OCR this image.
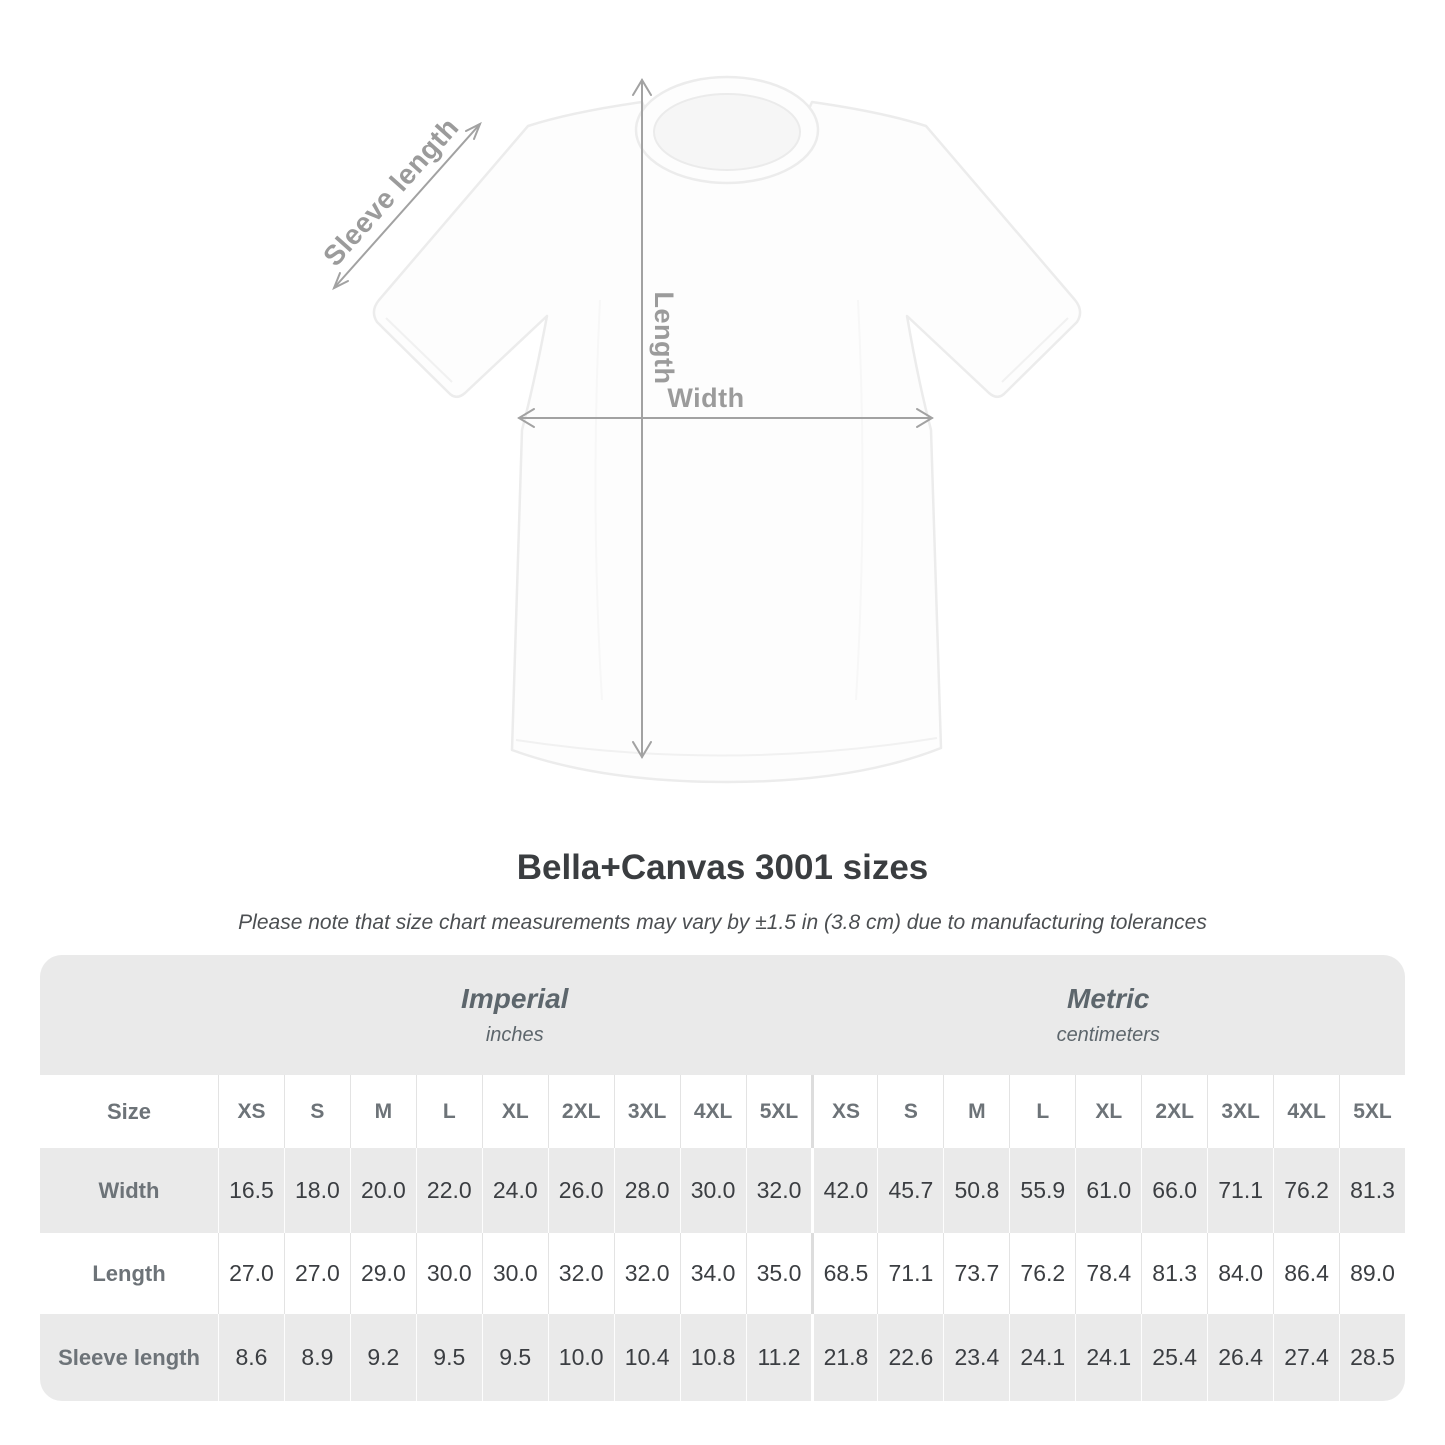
Sleeve length
Length
Width
Bella+Canvas 3001 sizes
Please note that size chart measurements may vary by ±1.5 in (3.8 cm) due to manufacturing tolerances
Imperial
inches
Metric
centimeters
Size	XS	S	M	L	XL	2XL	3XL	4XL	5XL	XS	S	M	L	XL	2XL	3XL	4XL	5XL
Width	16.5 18.0 20.0 22.0 24.0 26.0 28.0 30.0 32.0 42.0 45.7 50.8 55.9 61.0 66.0 71.1 76.2 81.3
Length	27.0 27.0 29.0 30.0 30.0 32.0 32.0 34.0 35.0 68.5 71.1 73.7 76.2 78.4 81.3 84.0 86.4 89.0
Sleeve length	8.6	8.9	9.2	9.5	9.5	10.0 10.4 10.8 11.2	21.8 22.6 23.4 24.1 24.1 25.4 26.4 27.4 28.5
